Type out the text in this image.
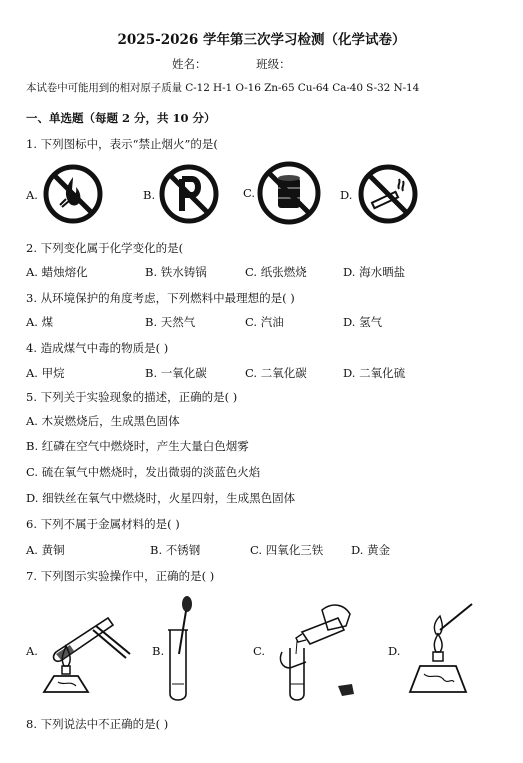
2025-2026 学年第三次学习检测（化学试卷）
姓名：	班级：
本试卷中可能用到的相对原子质量 C-12 H-1 O-16 Zn-65 Cu-64 Ca-40 S-32 N-14
一、单选题（每题 2 分，共 10 分）
1. 下列图标中，表示“禁止烟火”的是(
A.	B.	C.	D.
2. 下列变化属于化学变化的是(
A. 蜡烛熔化	B. 铁水铸锅	C. 纸张燃烧	D. 海水晒盐
3. 从环境保护的角度考虑，下列燃料中最理想的是( )
A. 煤	B. 天然气	C. 汽油	D. 氢气
4. 造成煤气中毒的物质是( )
A. 甲烷	B. 一氧化碳	C. 二氧化碳	D. 二氧化硫
5. 下列关于实验现象的描述，正确的是( )
A. 木炭燃烧后，生成黑色固体
B. 红磷在空气中燃烧时，产生大量白色烟雾
C. 硫在氧气中燃烧时，发出微弱的淡蓝色火焰
D. 细铁丝在氧气中燃烧时，火星四射，生成黑色固体
6. 下列不属于金属材料的是( )
A. 黄铜	B. 不锈钢	C. 四氧化三铁 D. 黄金
7. 下列图示实验操作中，正确的是( )
A.	B.	C.	D.
8. 下列说法中不正确的是( )
